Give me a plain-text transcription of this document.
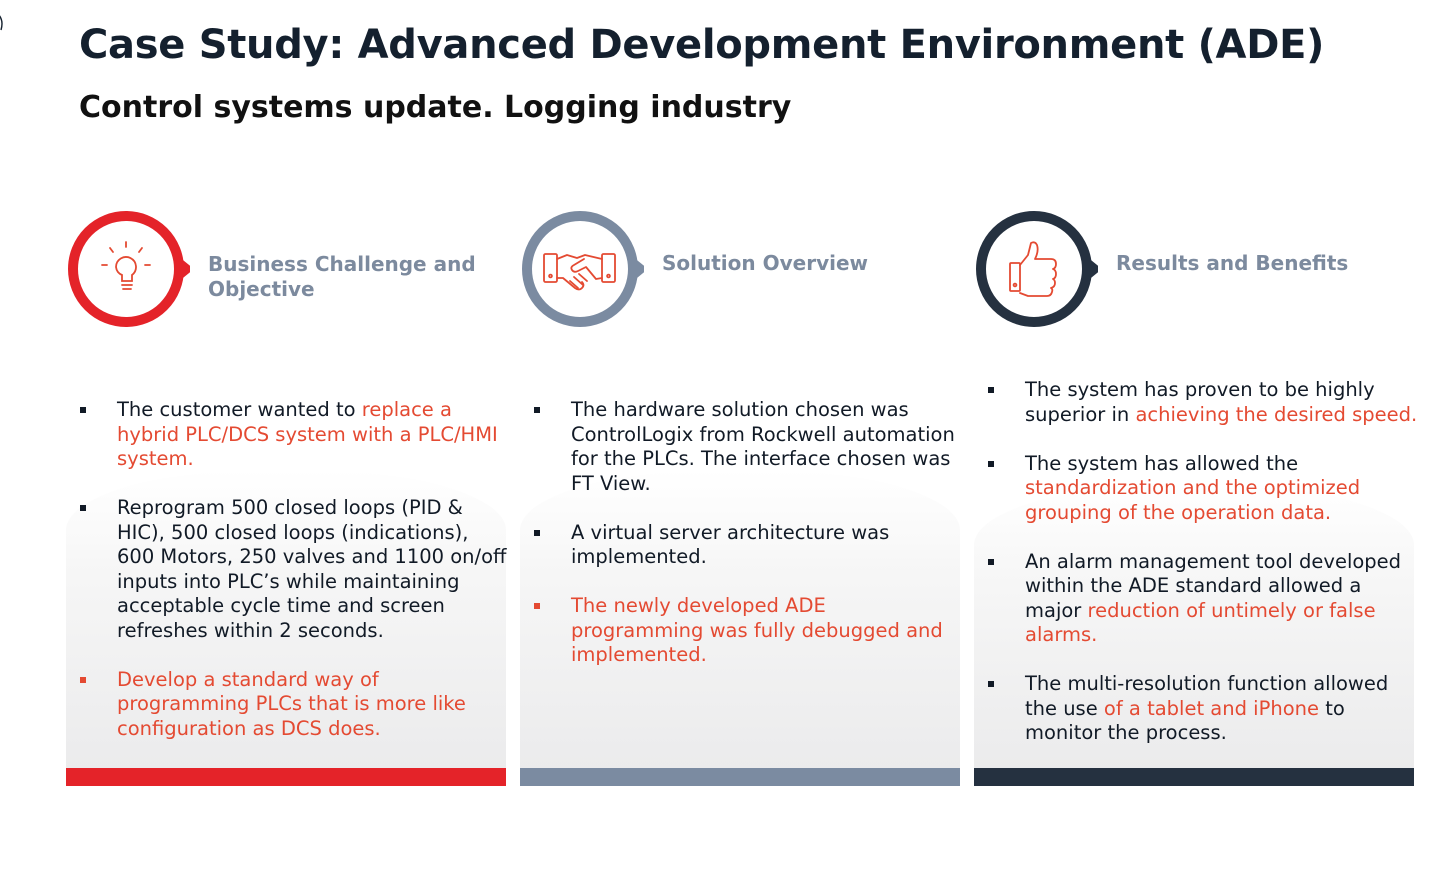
Case Study: Advanced Development Environment (ADE)
Control systems update. Logging industry
Business Challenge and Objective
The customer wanted to replace a hybrid PLC/DCS system with a PLC/HMI system.
Reprogram 500 closed loops (PID & HIC), 500 closed loops (indications), 600 Motors, 250 valves and 1100 on/off inputs into PLC’s while maintaining acceptable cycle time and screen refreshes within 2 seconds.
Develop a standard way of programming PLCs that is more like configuration as DCS does.
Solution Overview
The hardware solution chosen was ControlLogix from Rockwell automation for the PLCs. The interface chosen was FT View.
A virtual server architecture was implemented.
The newly developed ADE programming was fully debugged and implemented.
Results and Benefits
The system has proven to be highly superior in achieving the desired speed.
The system has allowed the standardization and the optimized grouping of the operation data.
An alarm management tool developed within the ADE standard allowed a major reduction of untimely or false alarms.
The multi-resolution function allowed the use of a tablet and iPhone to monitor the process.
